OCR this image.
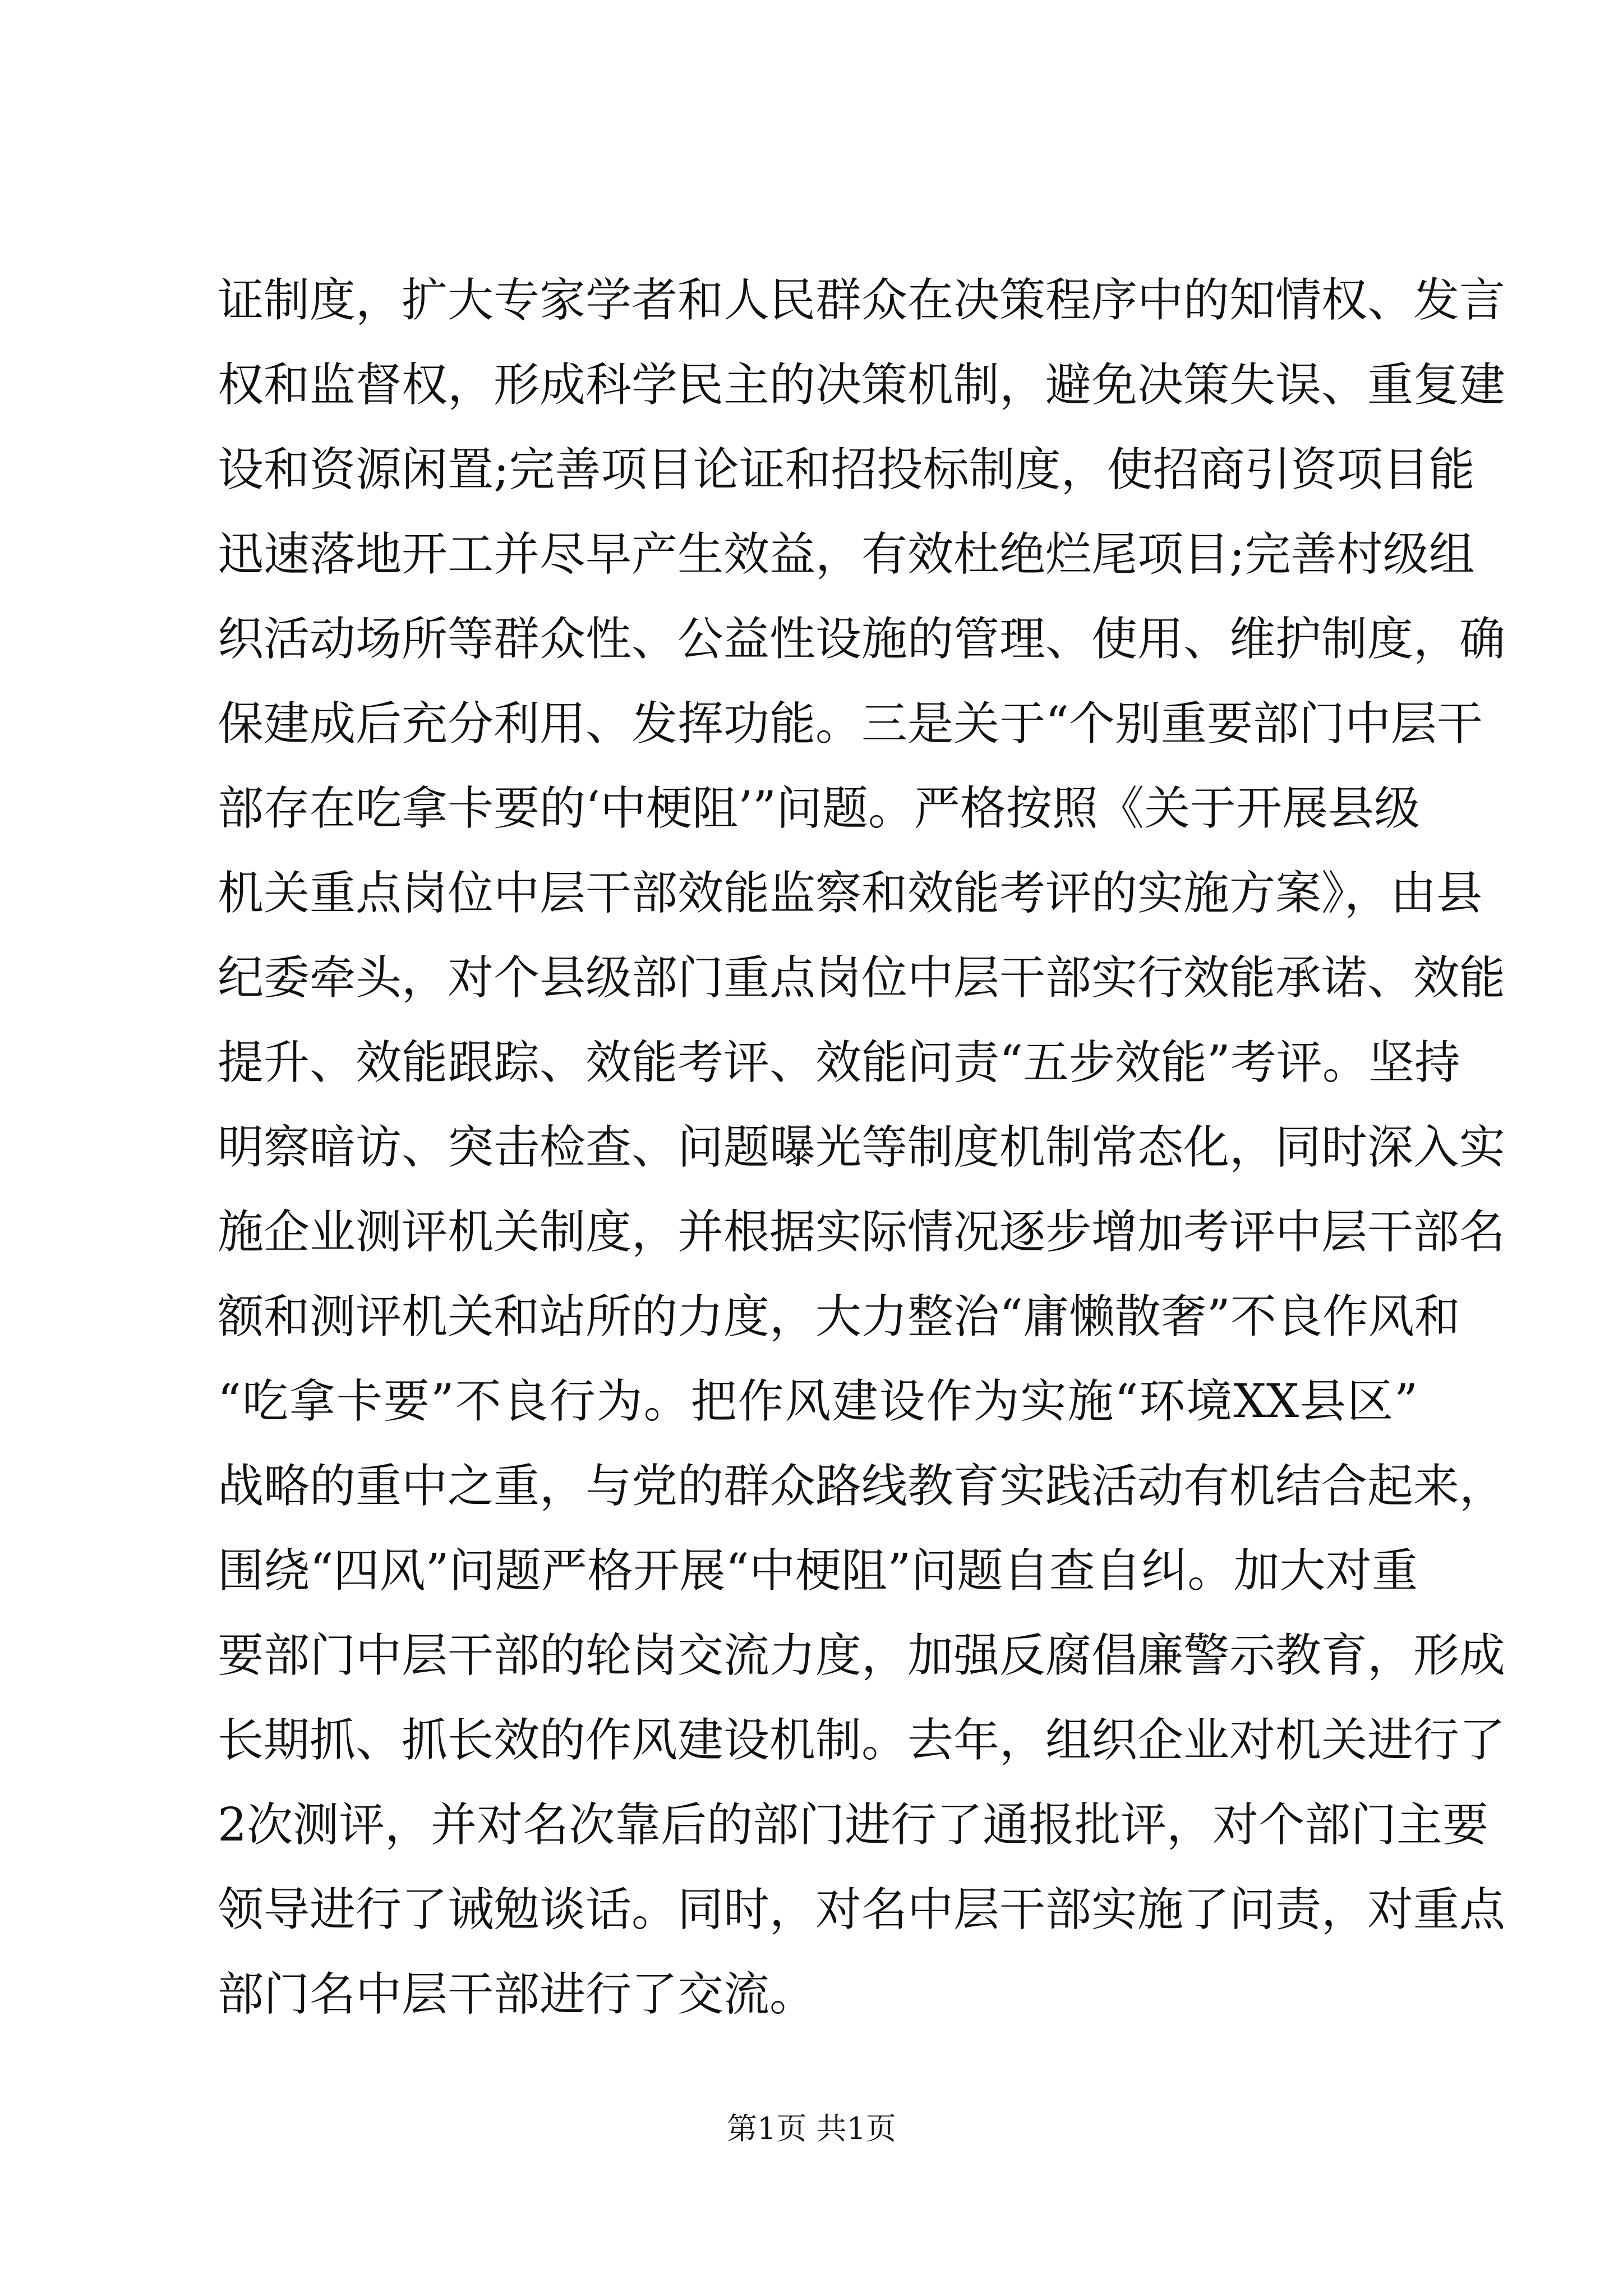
证制度，扩大专家学者和人民群众在决策程序中的知情权、发言
权和监督权，形成科学民主的决策机制，避免决策失误、重复建
设和资源闲置;完善项目论证和招投标制度，使招商引资项目能
迅速落地开工并尽早产生效益，有效杜绝烂尾项目;完善村级组
织活动场所等群众性、公益性设施的管理、使用、维护制度，确
保建成后充分利用、发挥功能。三是关于“个别重要部门中层干
部存在吃拿卡要的‘中梗阻’”问题。严格按照《关于开展县级
机关重点岗位中层干部效能监察和效能考评的实施方案》，由县
纪委牵头，对个县级部门重点岗位中层干部实行效能承诺、效能
提升、效能跟踪、效能考评、效能问责“五步效能”考评。坚持
明察暗访、突击检查、问题曝光等制度机制常态化，同时深入实
施企业测评机关制度，并根据实际情况逐步增加考评中层干部名
额和测评机关和站所的力度，大力整治“庸懒散奢”不良作风和
“吃拿卡要”不良行为。把作风建设作为实施“环境XX县区”
战略的重中之重，与党的群众路线教育实践活动有机结合起来，
围绕“四风”问题严格开展“中梗阻”问题自查自纠。加大对重
要部门中层干部的轮岗交流力度，加强反腐倡廉警示教育，形成
长期抓、抓长效的作风建设机制。去年，组织企业对机关进行了
2次测评，并对名次靠后的部门进行了通报批评，对个部门主要
领导进行了诫勉谈话。同时，对名中层干部实施了问责，对重点
部门名中层干部进行了交流。
第1页 共1页
